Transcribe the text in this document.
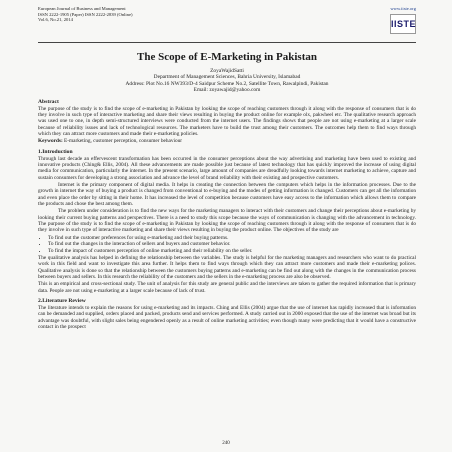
European Journal of Business and Management
ISSN 2222-1905 (Paper) ISSN 2222-2839 (Online)
Vol.6, No.21, 2014
www.iiste.org
IISTE
The Scope of E-Marketing in Pakistan
ZoyaWajidSatti
Department of Management Sciences, Bahria University, Islamabad
Address: Plot No.16 NW393/D-4 Saidpur Scheme No.2, Satellite Town, Rawalpindi, Pakistan
Email: zoyawajid@yahoo.com
Abstract

The purpose of the study is to find the scope of e-marketing in Pakistan by looking the scope of reaching customers through it along with the response of consumers that is do they involve in such type of interactive marketing and share their views resulting in buying the product online for example olx, pakwheel etc. The qualitative research approach was used one to one, in depth semi-structured interviews were conducted from the internet users. The findings shows that people are not using e-marketing at a larger scale because of reliability issues and lack of technological resources. The marketers have to build the trust among their customers. The outcomes help them to find ways through which they can attract more customers and made their e-marketing policies.

Keywords: E-marketing, customer perception, consumer behaviour
1.Introduction

Through last decade an effervescent transformation has been occurred in the consumer perceptions about the way advertising and marketing have been used to existing and innovative products (Ching& Ellis, 2004). All these advancements are made possible just because of latest technology that has quickly improved the increase of using digital media for communication, particularly the internet. In the present scenario, large amount of companies are dreadfully looking towards internet marketing to achieve, capture and sustain consumers for developing a strong association and advance the level of brand reliability with their existing and prospective customers.

Internet is the primary component of digital media. It helps in creating the connection between the computers which helps in the information processes. Due to the growth in internet the way of buying a product is changed from conventional to e-buying and the modes of getting information is changed. Customers can get all the information and even place the order by sitting in their home. It has increased the level of competition because customers have easy access to the information which allows them to compare the products and chose the best among them.

The problem under consideration is to find the new ways for the marketing managers to interact with their customers and change their perceptions about e-marketing by looking their current buying patterns and perspectives. There is a need to study this scope because the ways of communication is changing with the advancement in technology. The purpose of the study is to find the scope of e-marketing in Pakistan by looking the scope of reaching customers through it along with the response of consumers that is do they involve in such type of interactive marketing and share their views resulting in buying the product online. The objectives of the study are

• To find out the customer preferences for using e-marketing and their buying patterns.
• To find out the changes in the interaction of sellers and buyers and customer behavior.
• To find the impact of customers perception of online marketing and their reliability on the seller.

The qualitative analysis has helped in defining the relationship between the variables. The study is helpful for the marketing managers and researchers who want to do practical work in this field and want to investigate this area further. It helps them to find ways through which they can attract more customers and made their e-marketing polices. Qualitative analysis is done so that the relationship between the customers buying patterns and e-marketing can be find out along with the changes in the communication process between buyers and sellers. In this research the reliability of the customers and the sellers in the e-marketing process are also be observed.

This is an empirical and cross-sectional study. The unit of analysis for this study are general public and the interviews are taken to gather the required information that is primary data. People are not using e-marketing at a larger scale because of lack of trust.

2.Literature Review

The literature intends to explain the reasons for using e-marketing and its impacts. Ching and Ellis (2004) argue that the use of internet has rapidly increased that is information can be demanded and supplied, orders placed and packed, products send and services performed. A study carried out in 2000 exposed that the use of the internet was broad but its advantage was doubtful, with slight sales being engendered openly as a result of online marketing activities; even though many were predicting that it would have a constructive contact in the prospect

240
